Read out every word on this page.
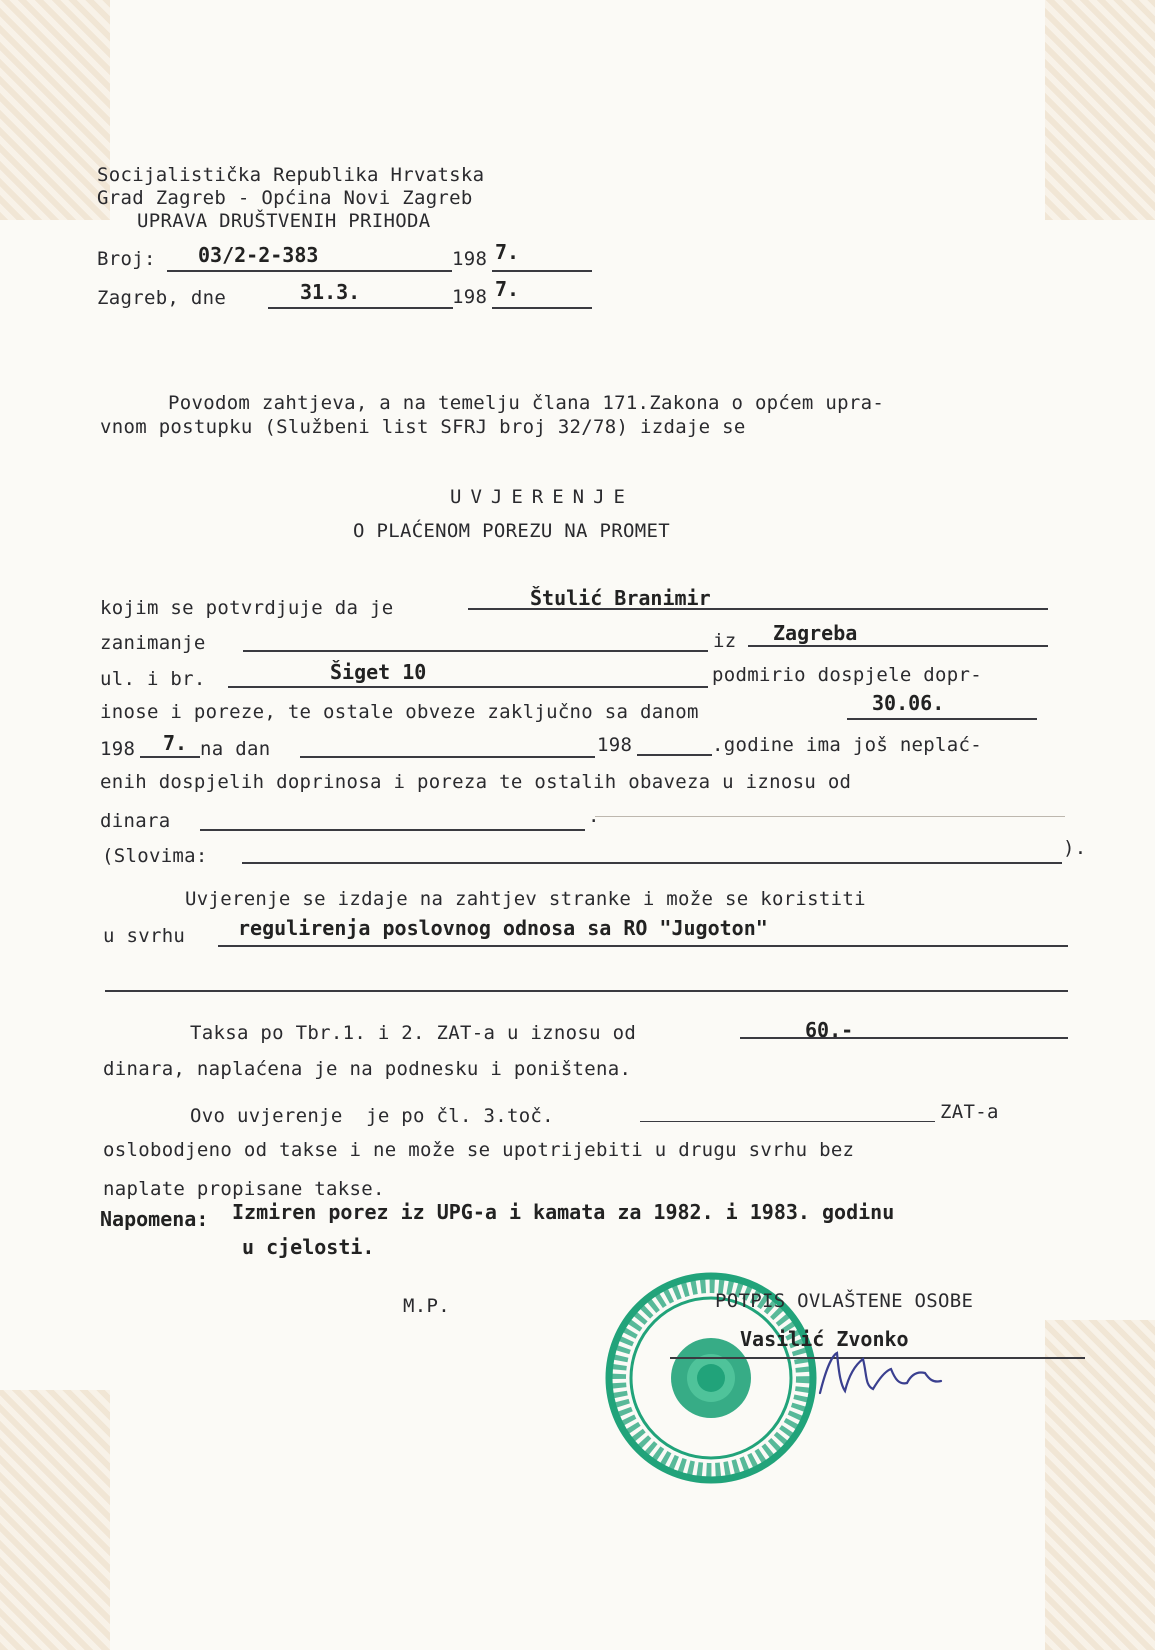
Socijalistička Republika Hrvatska
Grad Zagreb - Općina Novi Zagreb
UPRAVA DRUŠTVENIH PRIHODA
Broj: 03/2-2-383	198 7.
Zagreb, dne	31.3.	198 7.
Povodom zahtjeva, a na temelju člana 171.Zakona o općem upra-
vnom postupku (Službeni list SFRJ broj 32/78) izdaje se
UVJERENJE
O PLAĆENOM POREZU NA PROMET
kojim se potvrdjuje da je	Štulić Branimir
zanimanje	iz Zagreba
ul. i br.	Šiget 10	podmirio dospjele dopr-
inose i poreze, te ostale obveze zaključno sa danom	30.06.
198 7. na dan	198	.godine ima još neplać-
enih dospjelih doprinosa i poreza te ostalih obaveza u iznosu od
dinara	.
(Slovima:	).
Uvjerenje se izdaje na zahtjev stranke i može se koristiti
u svrhu	regulirenja poslovnog odnosa sa RO "Jugoton"
Taksa po Tbr.1. i 2. ZAT-a u iznosu od	60.-
dinara, naplaćena je na podnesku i poništena.
Ovo uvjerenje  je po čl. 3.toč.	ZAT-a
oslobodjeno od takse i ne može se upotrijebiti u drugu svrhu bez
naplate propisane takse.
Napomena: Izmiren porez iz UPG-a i kamata za 1982. i 1983. godinu
u cjelosti.
M.P.	POTPIS OVLAŠTENE OSOBE
Vasilić Zvonko
